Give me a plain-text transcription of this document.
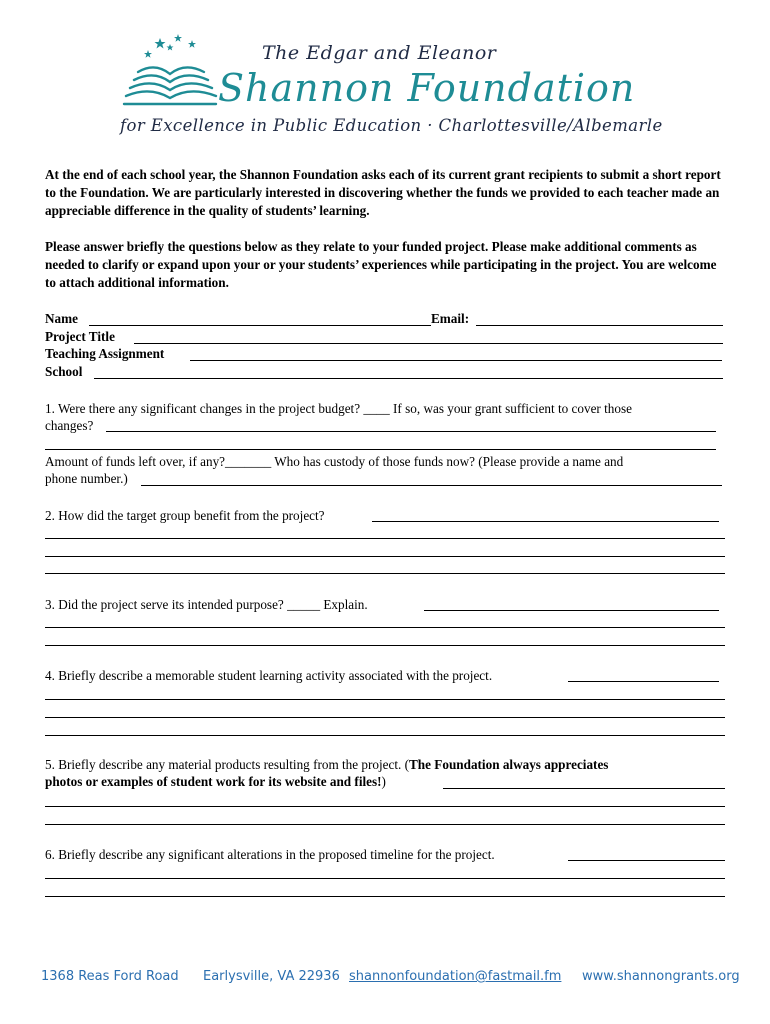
The Edgar and Eleanor
Shannon Foundation
for Excellence in Public Education · Charlottesville/Albemarle
At the end of each school year, the Shannon Foundation asks each of its current grant recipients to submit a short report to the Foundation. We are particularly interested in discovering whether the funds we provided to each teacher made an appreciable difference in the quality of students’ learning.
Please answer briefly the questions below as they relate to your funded project. Please make additional comments as needed to clarify or expand upon your or your students’ experiences while participating in the project. You are welcome to attach additional information.
Name	Email:
Project Title
Teaching Assignment
School
1. Were there any significant changes in the project budget? ____ If so, was your grant sufficient to cover those
changes?
Amount of funds left over, if any?_______ Who has custody of those funds now? (Please provide a name and
phone number.)
2. How did the target group benefit from the project?
3. Did the project serve its intended purpose? _____ Explain.
4. Briefly describe a memorable student learning activity associated with the project.
5. Briefly describe any material products resulting from the project. (The Foundation always appreciates
photos or examples of student work for its website and files!)
6. Briefly describe any significant alterations in the proposed timeline for the project.
1368 Reas Ford Road Earlysville, VA 22936 shannonfoundation@fastmail.fm www.shannongrants.org
